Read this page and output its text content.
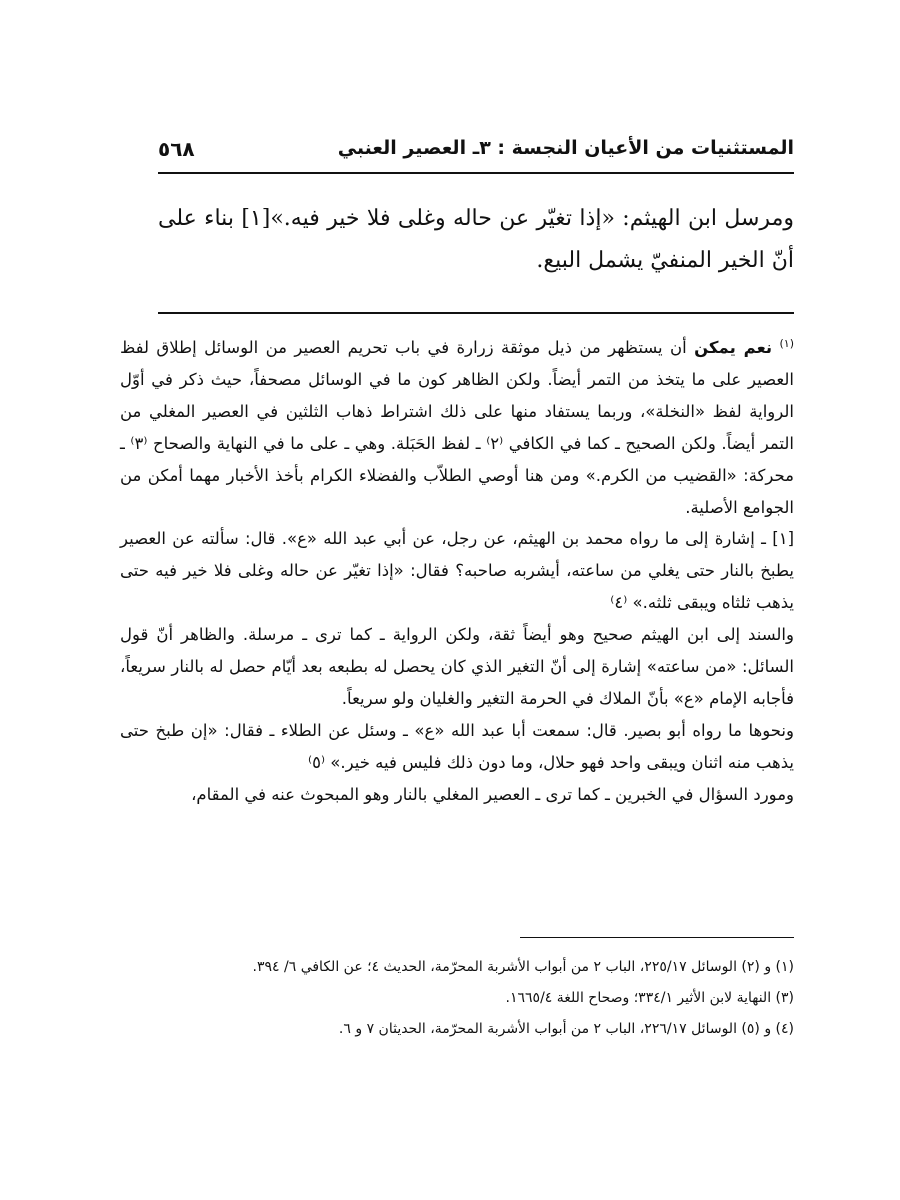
المستثنيات من الأعيان النجسة : ٣ـ العصير العنبي
٥٦٨

ومرسل ابن الهيثم: «إذا تغيّر عن حاله وغلى فلا خير فيه.»[١] بناء على أنّ الخير المنفيّ يشمل البيع.

(١) نعم يمكن أن يستظهر من ذيل موثقة زرارة في باب تحريم العصير من الوسائل إطلاق لفظ العصير على ما يتخذ من التمر أيضاً. ولكن الظاهر كون ما في الوسائل مصحفاً، حيث ذكر في أوّل الرواية لفظ «النخلة»، وربما يستفاد منها على ذلك اشتراط ذهاب الثلثين في العصير المغلي من التمر أيضاً. ولكن الصحيح ـ كما في الكافي ⁽٢⁾ ـ لفظ الحَبَلة. وهي ـ على ما في النهاية والصحاح ⁽٣⁾ ـ محركة: «القضيب من الكرم.» ومن هنا أوصي الطلاّب والفضلاء الكرام بأخذ الأخبار مهما أمكن من الجوامع الأصلية.

[١] ـ إشارة إلى ما رواه محمد بن الهيثم، عن رجل، عن أبي عبد الله «ع». قال: سألته عن العصير يطبخ بالنار حتى يغلي من ساعته، أيشربه صاحبه؟ فقال: «إذا تغيّر عن حاله وغلى فلا خير فيه حتى يذهب ثلثاه ويبقى ثلثه.» ⁽٤⁾

والسند إلى ابن الهيثم صحيح وهو أيضاً ثقة، ولكن الرواية ـ كما ترى ـ مرسلة. والظاهر أنّ قول السائل: «من ساعته» إشارة إلى أنّ التغير الذي كان يحصل له بطبعه بعد أيّام حصل له بالنار سريعاً، فأجابه الإمام «ع» بأنّ الملاك في الحرمة التغير والغليان ولو سريعاً.

ونحوها ما رواه أبو بصير. قال: سمعت أبا عبد الله «ع» ـ وسئل عن الطلاء ـ فقال: «إن طبخ حتى يذهب منه اثنان ويبقى واحد فهو حلال، وما دون ذلك فليس فيه خير.» ⁽٥⁾

ومورد السؤال في الخبرين ـ كما ترى ـ العصير المغلي بالنار وهو المبحوث عنه في المقام،

(١) و (٢) الوسائل ٢٢٥/١٧، الباب ٢ من أبواب الأشربة المحرّمة، الحديث ٤؛ عن الكافي ٦/ ٣٩٤.

(٣) النهاية لابن الأثير ٣٣٤/١؛ وصحاح اللغة ١٦٦٥/٤.

(٤) و (٥) الوسائل ٢٢٦/١٧، الباب ٢ من أبواب الأشربة المحرّمة، الحديثان ٧ و ٦.
